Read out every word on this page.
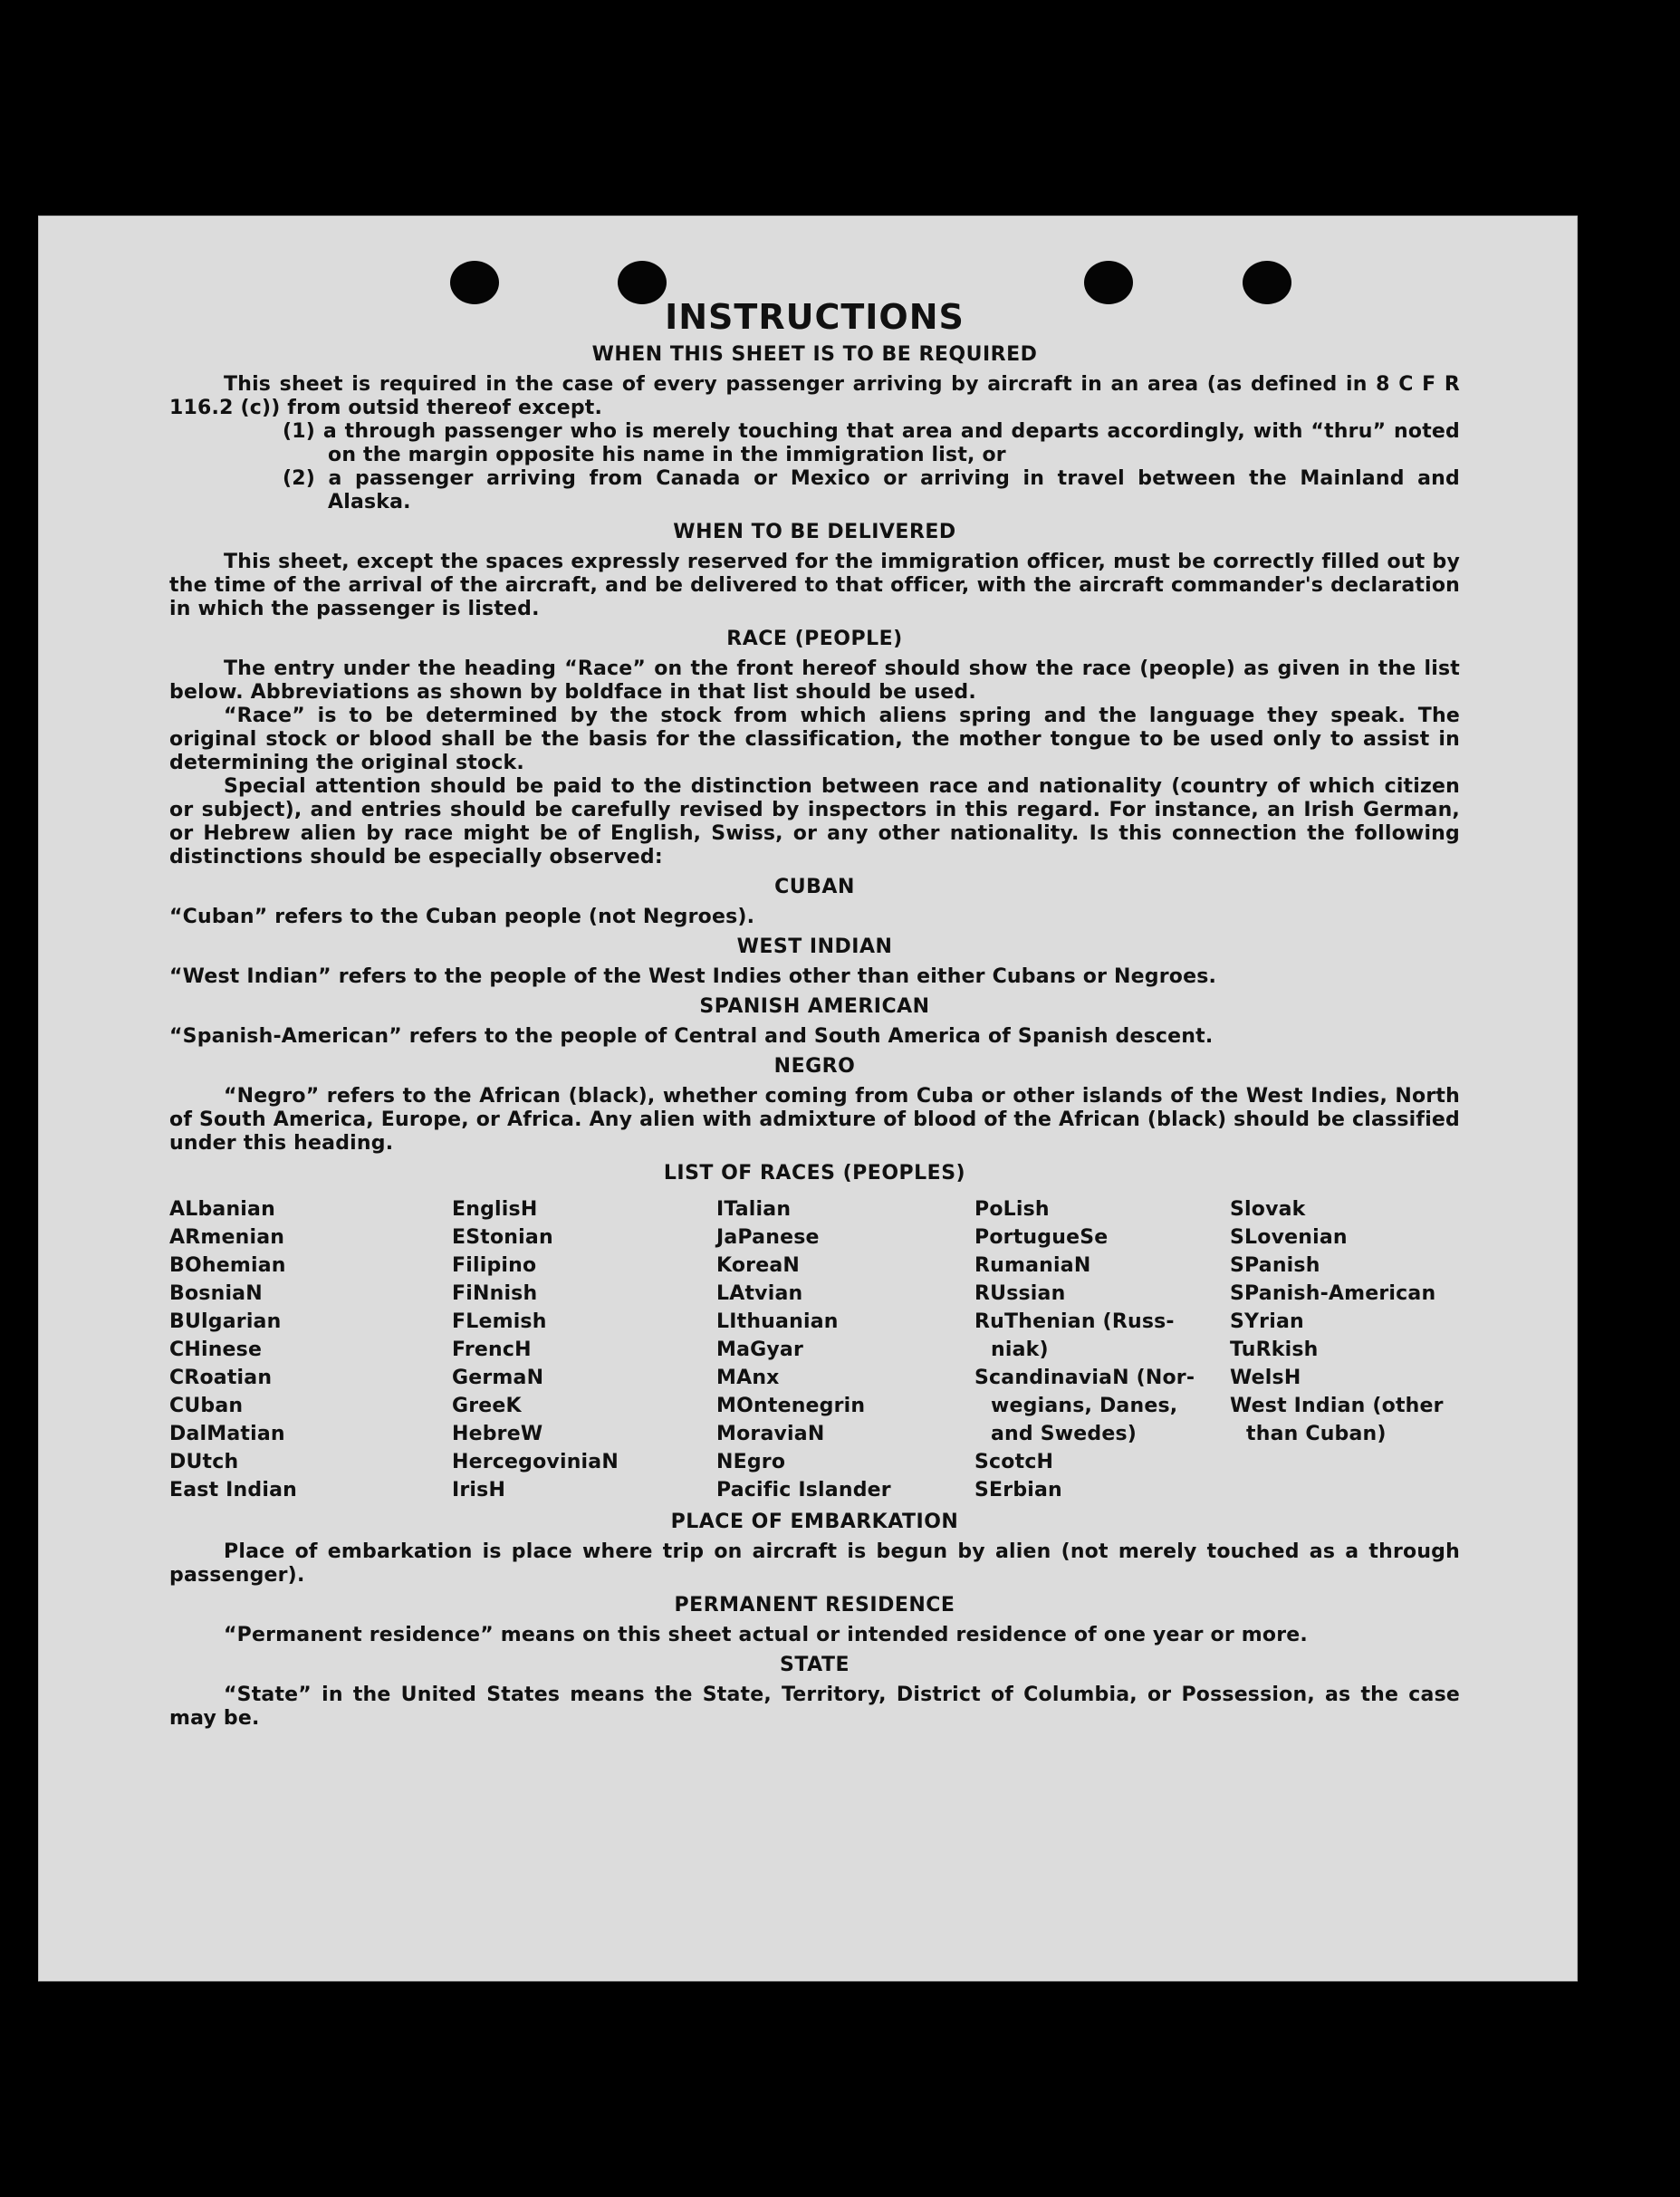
INSTRUCTIONS
WHEN THIS SHEET IS TO BE REQUIRED

This sheet is required in the case of every passenger arriving by aircraft in an area (as defined in 8 C F R 116.2 (c)) from outsid thereof except.

(1) a through passenger who is merely touching that area and departs accordingly, with “thru” noted on the margin opposite his name in the immigration list, or

(2) a passenger arriving from Canada or Mexico or arriving in travel between the Mainland and Alaska.

WHEN TO BE DELIVERED

This sheet, except the spaces expressly reserved for the immigration officer, must be correctly filled out by the time of the arrival of the aircraft, and be delivered to that officer, with the aircraft commander's declaration in which the passenger is listed.

RACE (PEOPLE)

The entry under the heading “Race” on the front hereof should show the race (people) as given in the list below. Abbreviations as shown by boldface in that list should be used.

“Race” is to be determined by the stock from which aliens spring and the language they speak. The original stock or blood shall be the basis for the classification, the mother tongue to be used only to assist in determining the original stock.

Special attention should be paid to the distinction between race and nationality (country of which citizen or subject), and entries should be carefully revised by inspectors in this regard. For instance, an Irish German, or Hebrew alien by race might be of English, Swiss, or any other nationality. Is this connection the following distinctions should be especially observed:

CUBAN

“Cuban” refers to the Cuban people (not Negroes).

WEST INDIAN

“West Indian” refers to the people of the West Indies other than either Cubans or Negroes.

SPANISH AMERICAN

“Spanish-American” refers to the people of Central and South America of Spanish descent.

NEGRO

“Negro” refers to the African (black), whether coming from Cuba or other islands of the West Indies, North of South America, Europe, or Africa. Any alien with admixture of blood of the African (black) should be classified under this heading.

LIST OF RACES (PEOPLES)
ALbanian
ARmenian
BOhemian
BosniaN
BUlgarian
CHinese
CRoatian
CUban
DalMatian
DUtch
East Indian
EnglisH
EStonian
Filipino
FiNnish
FLemish
FrencH
GermaN
GreeK
HebreW
HercegoviniaN
IrisH
ITalian
JaPanese
KoreaN
LAtvian
LIthuanian
MaGyar
MAnx
MOntenegrin
MoraviaN
NEgro
Pacific Islander
PoLish
PortugueSe
RumaniaN
RUssian
RuThenian (Russ-
niak)
ScandinaviaN (Nor-
wegians, Danes,
and Swedes)
ScotcH
SErbian
Slovak
SLovenian
SPanish
SPanish-American
SYrian
TuRkish
WelsH
West Indian (other
than Cuban)
PLACE OF EMBARKATION

Place of embarkation is place where trip on aircraft is begun by alien (not merely touched as a through passenger).

PERMANENT RESIDENCE

“Permanent residence” means on this sheet actual or intended residence of one year or more.

STATE

“State” in the United States means the State, Territory, District of Columbia, or Possession, as the case may be.
